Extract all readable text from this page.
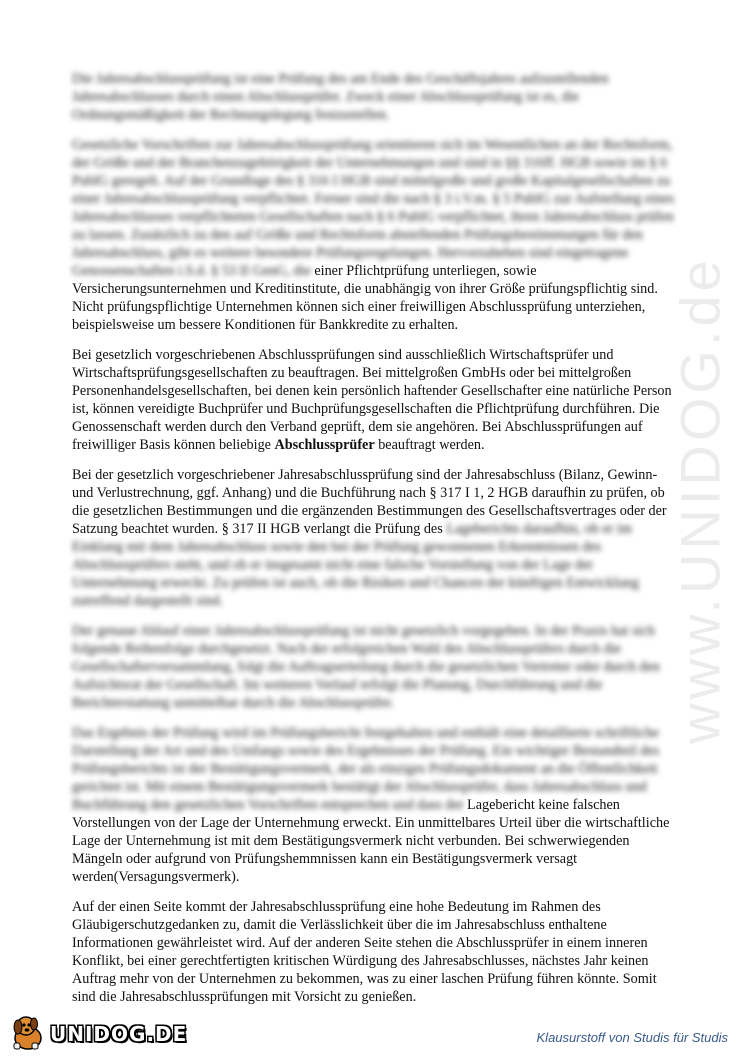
www.UNIDOG.de

Die Jahresabschlussprüfung ist eine Prüfung des am Ende des Geschäftsjahres aufzustellenden Jahresabschlusses durch einen Abschlussprüfer. Zweck einer Abschlussprüfung ist es, die Ordnungsmäßigkeit der Rechnungslegung festzustellen.

Gesetzliche Vorschriften zur Jahresabschlussprüfung orientieren sich im Wesentlichen an der Rechtsform, der Größe und der Branchenzugehörigkeit der Unternehmungen und sind in §§ 316ff. HGB sowie im § 6 PublG geregelt. Auf der Grundlage des § 316 I HGB sind mittelgroße und große Kapitalgesellschaften zu einer Jahresabschlussprüfung verpflichtet. Ferner sind die nach § 3 i.V.m. § 5 PublG zur Aufstellung eines Jahresabschlusses verpflichteten Gesellschaften nach § 6 PublG verpflichtet, ihren Jahresabschluss prüfen zu lassen. Zusätzlich zu den auf Größe und Rechtsform abstellenden Prüfungsbestimmungen für den Jahresabschluss, gibt es weitere besondere Prüfungsregelungen. Hervorzuheben sind eingetragene Genossenschaften i.S.d. § 53 II GenG, die einer Pflichtprüfung unterliegen, sowie Versicherungsunternehmen und Kreditinstitute, die unabhängig von ihrer Größe prüfungspflichtig sind. Nicht prüfungspflichtige Unternehmen können sich einer freiwilligen Abschlussprüfung unterziehen, beispielsweise um bessere Konditionen für Bankkredite zu erhalten.

Bei gesetzlich vorgeschriebenen Abschlussprüfungen sind ausschließlich Wirtschaftsprüfer und Wirtschaftsprüfungsgesellschaften zu beauftragen. Bei mittelgroßen GmbHs oder bei mittelgroßen Personenhandelsgesellschaften, bei denen kein persönlich haftender Gesellschafter eine natürliche Person ist, können vereidigte Buchprüfer und Buchprüfungsgesellschaften die Pflichtprüfung durchführen. Die Genossenschaft werden durch den Verband geprüft, dem sie angehören. Bei Abschlussprüfungen auf freiwilliger Basis können beliebige Abschlussprüfer beauftragt werden.

Bei der gesetzlich vorgeschriebener Jahresabschlussprüfung sind der Jahresabschluss (Bilanz, Gewinn- und Verlustrechnung, ggf. Anhang) und die Buchführung nach § 317 I 1, 2 HGB daraufhin zu prüfen, ob die gesetzlichen Bestimmungen und die ergänzenden Bestimmungen des Gesellschaftsvertrages oder der Satzung beachtet wurden. § 317 II HGB verlangt die Prüfung des Lageberichts daraufhin, ob er im Einklang mit dem Jahresabschluss sowie den bei der Prüfung gewonnenen Erkenntnissen des Abschlussprüfers steht, und ob er insgesamt nicht eine falsche Vorstellung von der Lage der Unternehmung erweckt. Zu prüfen ist auch, ob die Risiken und Chancen der künftigen Entwicklung zutreffend dargestellt sind.

Der genaue Ablauf einer Jahresabschlussprüfung ist nicht gesetzlich vorgegeben. In der Praxis hat sich folgende Reihenfolge durchgesetzt. Nach der erfolgreichen Wahl des Abschlussprüfers durch die Gesellschafterversammlung, folgt die Auftragserteilung durch die gesetzlichen Vertreter oder durch den Aufsichtsrat der Gesellschaft. Im weiteren Verlauf erfolgt die Planung, Durchführung und die Berichterstattung unmittelbar durch die Abschlussprüfer.

Das Ergebnis der Prüfung wird im Prüfungsbericht festgehalten und enthält eine detaillierte schriftliche Darstellung der Art und des Umfangs sowie des Ergebnisses der Prüfung. Ein wichtiger Bestandteil des Prüfungsberichts ist der Bestätigungsvermerk, der als einziges Prüfungsdokument an die Öffentlichkeit gerichtet ist. Mit einem Bestätigungsvermerk bestätigt der Abschlussprüfer, dass Jahresabschluss und Buchführung den gesetzlichen Vorschriften entsprechen und dass der Lagebericht keine falschen Vorstellungen von der Lage der Unternehmung erweckt. Ein unmittelbares Urteil über die wirtschaftliche Lage der Unternehmung ist mit dem Bestätigungsvermerk nicht verbunden. Bei schwerwiegenden Mängeln oder aufgrund von Prüfungshemmnissen kann ein Bestätigungsvermerk versagt werden(Versagungsvermerk).

Auf der einen Seite kommt der Jahresabschlussprüfung eine hohe Bedeutung im Rahmen des Gläubigerschutzgedanken zu, damit die Verlässlichkeit über die im Jahresabschluss enthaltene Informationen gewährleistet wird. Auf der anderen Seite stehen die Abschlussprüfer in einem inneren Konflikt, bei einer gerechtfertigten kritischen Würdigung des Jahresabschlusses, nächstes Jahr keinen Auftrag mehr von der Unternehmen zu bekommen, was zu einer laschen Prüfung führen könnte. Somit sind die Jahresabschlussprüfungen mit Vorsicht zu genießen.

UNIDOG.DE	Klausurstoff von Studis für Studis
